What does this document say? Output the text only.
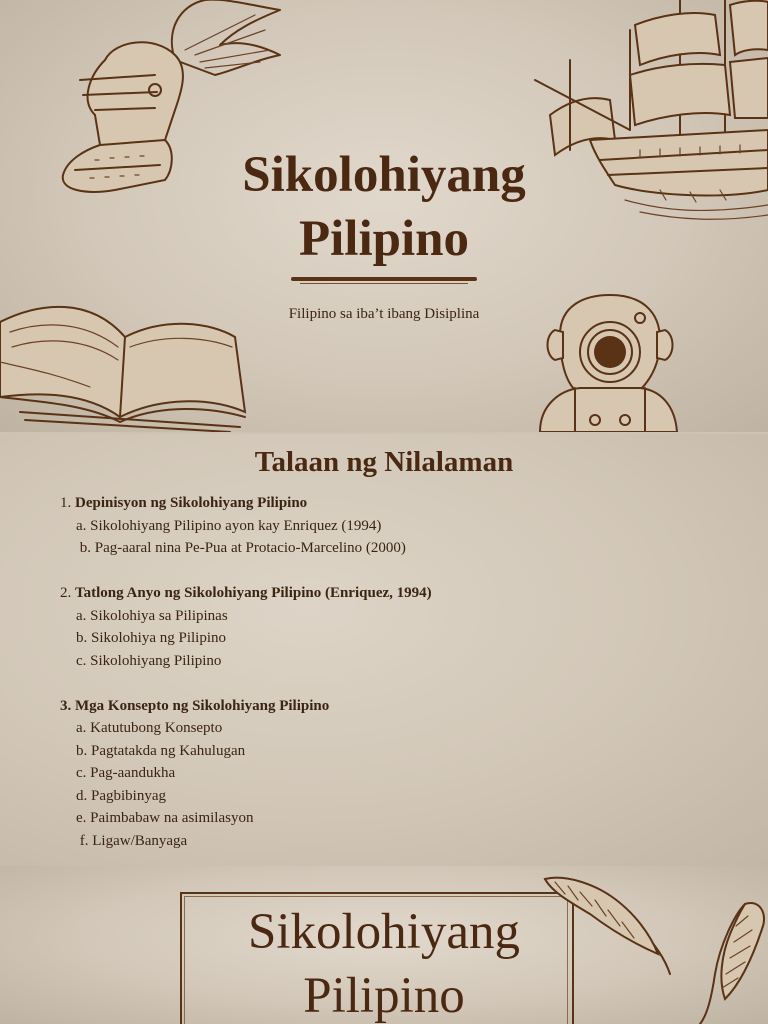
Sikolohiyang
Pilipino
Filipino sa iba’t ibang Disiplina
Talaan ng Nilalaman
1. Depinisyon ng Sikolohiyang Pilipino
a. Sikolohiyang Pilipino ayon kay Enriquez (1994)
b. Pag-aaral nina Pe-Pua at Protacio-Marcelino (2000)
2. Tatlong Anyo ng Sikolohiyang Pilipino (Enriquez, 1994)
a. Sikolohiya sa Pilipinas
b. Sikolohiya ng Pilipino
c. Sikolohiyang Pilipino
3. Mga Konsepto ng Sikolohiyang Pilipino
a. Katutubong Konsepto
b. Pagtatakda ng Kahulugan
c. Pag-aandukha
d. Pagbibinyag
e. Paimbabaw na asimilasyon
f. Ligaw/Banyaga
Sikolohiyang
Pilipino
